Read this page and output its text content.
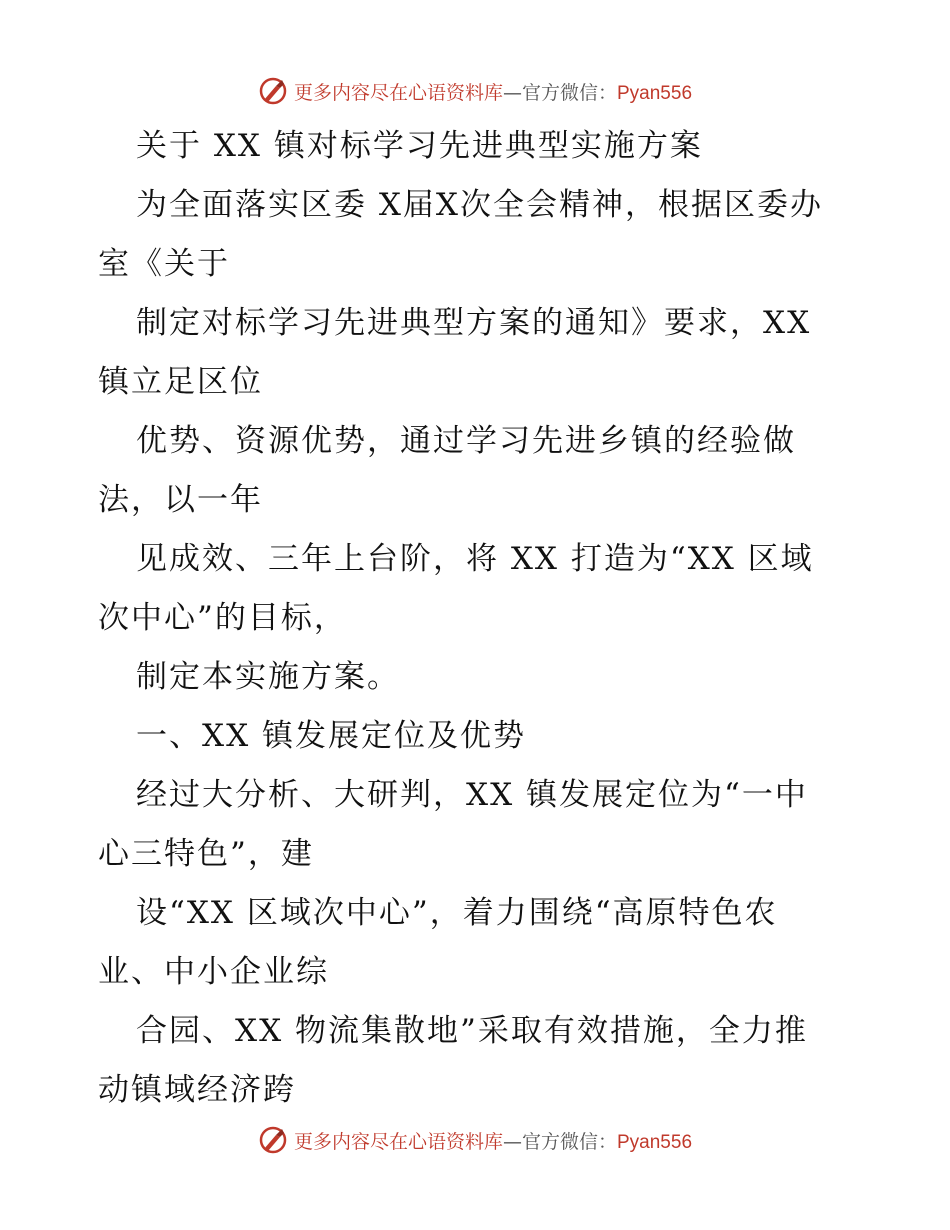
更多内容尽在心语资料库—官方微信：Pyan556
关于 XX 镇对标学习先进典型实施方案
为全面落实区委 X届X次全会精神，根据区委办
室《关于
制定对标学习先进典型方案的通知》要求，XX
镇立足区位
优势、资源优势，通过学习先进乡镇的经验做
法，以一年
见成效、三年上台阶，将 XX 打造为“XX 区域
次中心”的目标，
制定本实施方案。
一、XX 镇发展定位及优势
经过大分析、大研判，XX 镇发展定位为“一中
心三特色”，建
设“XX 区域次中心”，着力围绕“高原特色农
业、中小企业综
合园、XX 物流集散地”采取有效措施，全力推
动镇域经济跨
更多内容尽在心语资料库—官方微信：Pyan556
